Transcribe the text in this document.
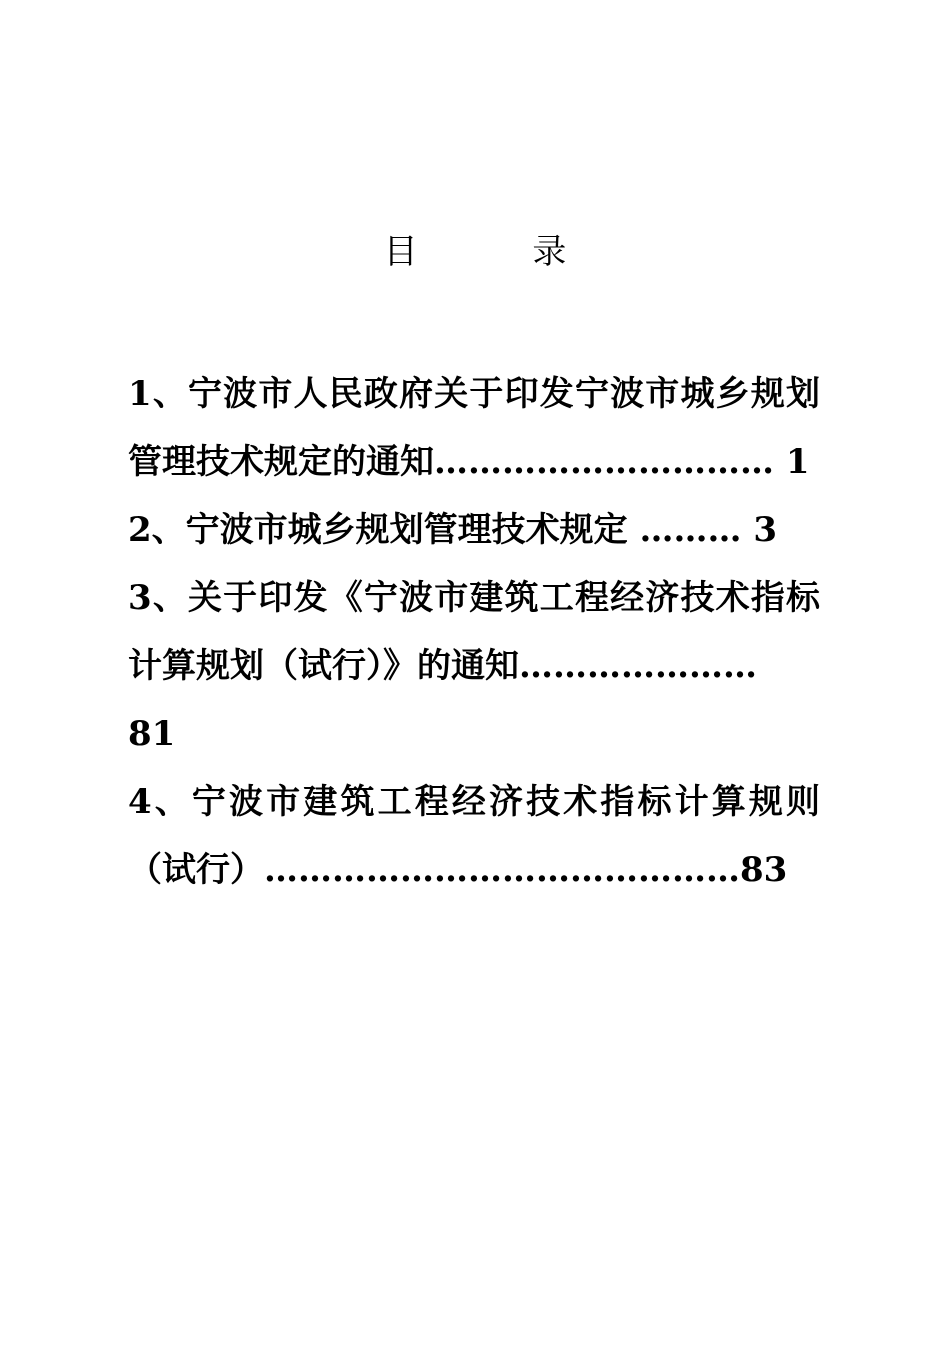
目 录
1、宁波市人民政府关于印发宁波市城乡规划
管理技术规定的通知………………………… 1
2、宁波市城乡规划管理技术规定 ……… 3
3、关于印发《宁波市建筑工程经济技术指标
计算规划（试行）》的通知…………………
81
4、宁波市建筑工程经济技术指标计算规则
（试行）……………………………………83
